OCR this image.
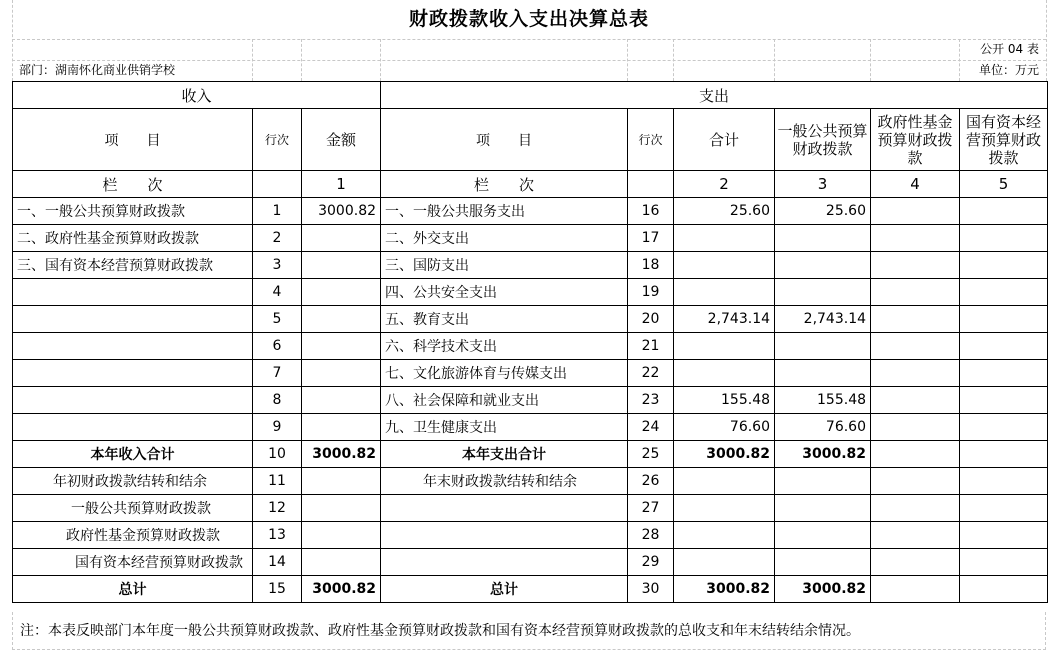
财政拨款收入支出决算总表
公开 04 表
部门：湖南怀化商业供销学校	单位：万元
收入			支出					
项　　目	行次	金额	项　　目	行次	合计	一般公共预算财政拨款	政府性基金预算财政拨款	国有资本经营预算财政拨款
栏　　次		1	栏　　次		2	3	4	5
一、一般公共预算财政拨款	1	3000.82	一、一般公共服务支出	16	25.60	25.60		
二、政府性基金预算财政拨款	2		二、外交支出	17				
三、国有资本经营预算财政拨款	3		三、国防支出	18				
	4		四、公共安全支出	19				
	5		五、教育支出	20	2,743.14	2,743.14		
	6		六、科学技术支出	21				
	7		七、文化旅游体育与传媒支出	22				
	8		八、社会保障和就业支出	23	155.48	155.48		
	9		九、卫生健康支出	24	76.60	76.60		
本年收入合计	10	3000.82	本年支出合计	25	3000.82	3000.82		
年初财政拨款结转和结余	11		年末财政拨款结转和结余	26				
一般公共预算财政拨款	12			27				
政府性基金预算财政拨款	13			28				
国有资本经营预算财政拨款	14			29				
总计	15	3000.82	总计	30	3000.82	3000.82		
注：本表反映部门本年度一般公共预算财政拨款、政府性基金预算财政拨款和国有资本经营预算财政拨款的总收支和年末结转结余情况。
